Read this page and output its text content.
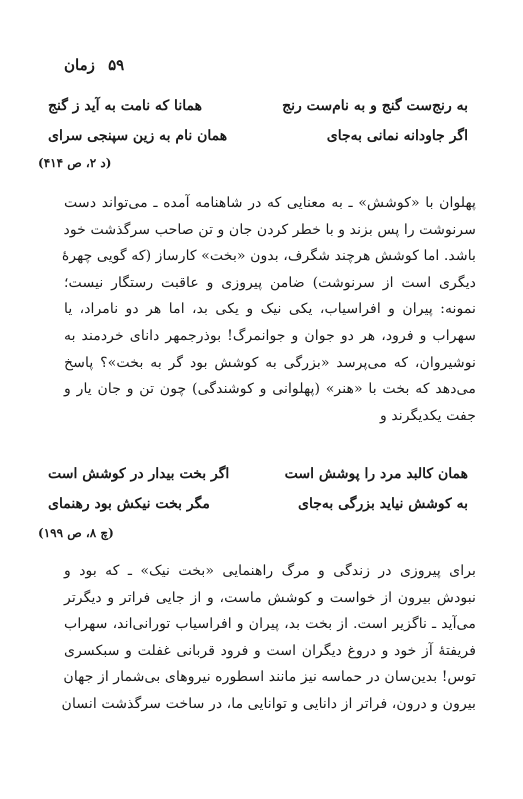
۵۹ زمان
به رنج‌ست گنج و به نام‌ست رنج
همانا که نامت به آید ز گنج
اگر جاودانه نمانی به‌جای
همان نام به زین سپنجی سرای
(د ۲، ص ۴۱۴)
پهلوان با «کوشش» ـ به معنایی که در شاهنامه آمده ـ می‌تواند دست
سرنوشت را پس بزند و با خطر کردن جان و تن صاحب سرگذشت خود
باشد. اما کوشش هرچند شگرف، بدون «بخت» کارساز (که گویی چهرهٔ
دیگری است از سرنوشت) ضامن پیروزی و عاقبت رستگار نیست؛
نمونه: پیران و افراسیاب، یکی نیک و یکی بد، اما هر دو نامراد، یا
سهراب و فرود، هر دو جوان و جوانمرگ! بوذرجمهر دانای خردمند به
نوشیروان، که می‌پرسد «بزرگی به کوشش بود گر به بخت»؟ پاسخ
می‌دهد که بخت با «هنر» (پهلوانی و کوشندگی) چون تن و جان یار و
جفت یکدیگرند و
همان کالبد مرد را پوشش است
اگر بخت بیدار در کوشش است
به کوشش نیاید بزرگی به‌جای
مگر بخت نیکش بود رهنمای
(چ ۸، ص ۱۹۹)
برای پیروزی در زندگی و مرگ راهنمایی «بخت نیک» ـ که بود و
نبودش بیرون از خواست و کوشش ماست، و از جایی فراتر و دیگرتر
می‌آید ـ ناگزیر است. از بخت بد، پیران و افراسیاب تورانی‌اند، سهراب
فریفتهٔ آز خود و دروغ دیگران است و فرود قربانی غفلت و سبکسری
توس! بدین‌سان در حماسه نیز مانند اسطوره نیروهای بی‌شمار از جهان
بیرون و درون، فراتر از دانایی و توانایی ما، در ساخت سرگذشت انسان
